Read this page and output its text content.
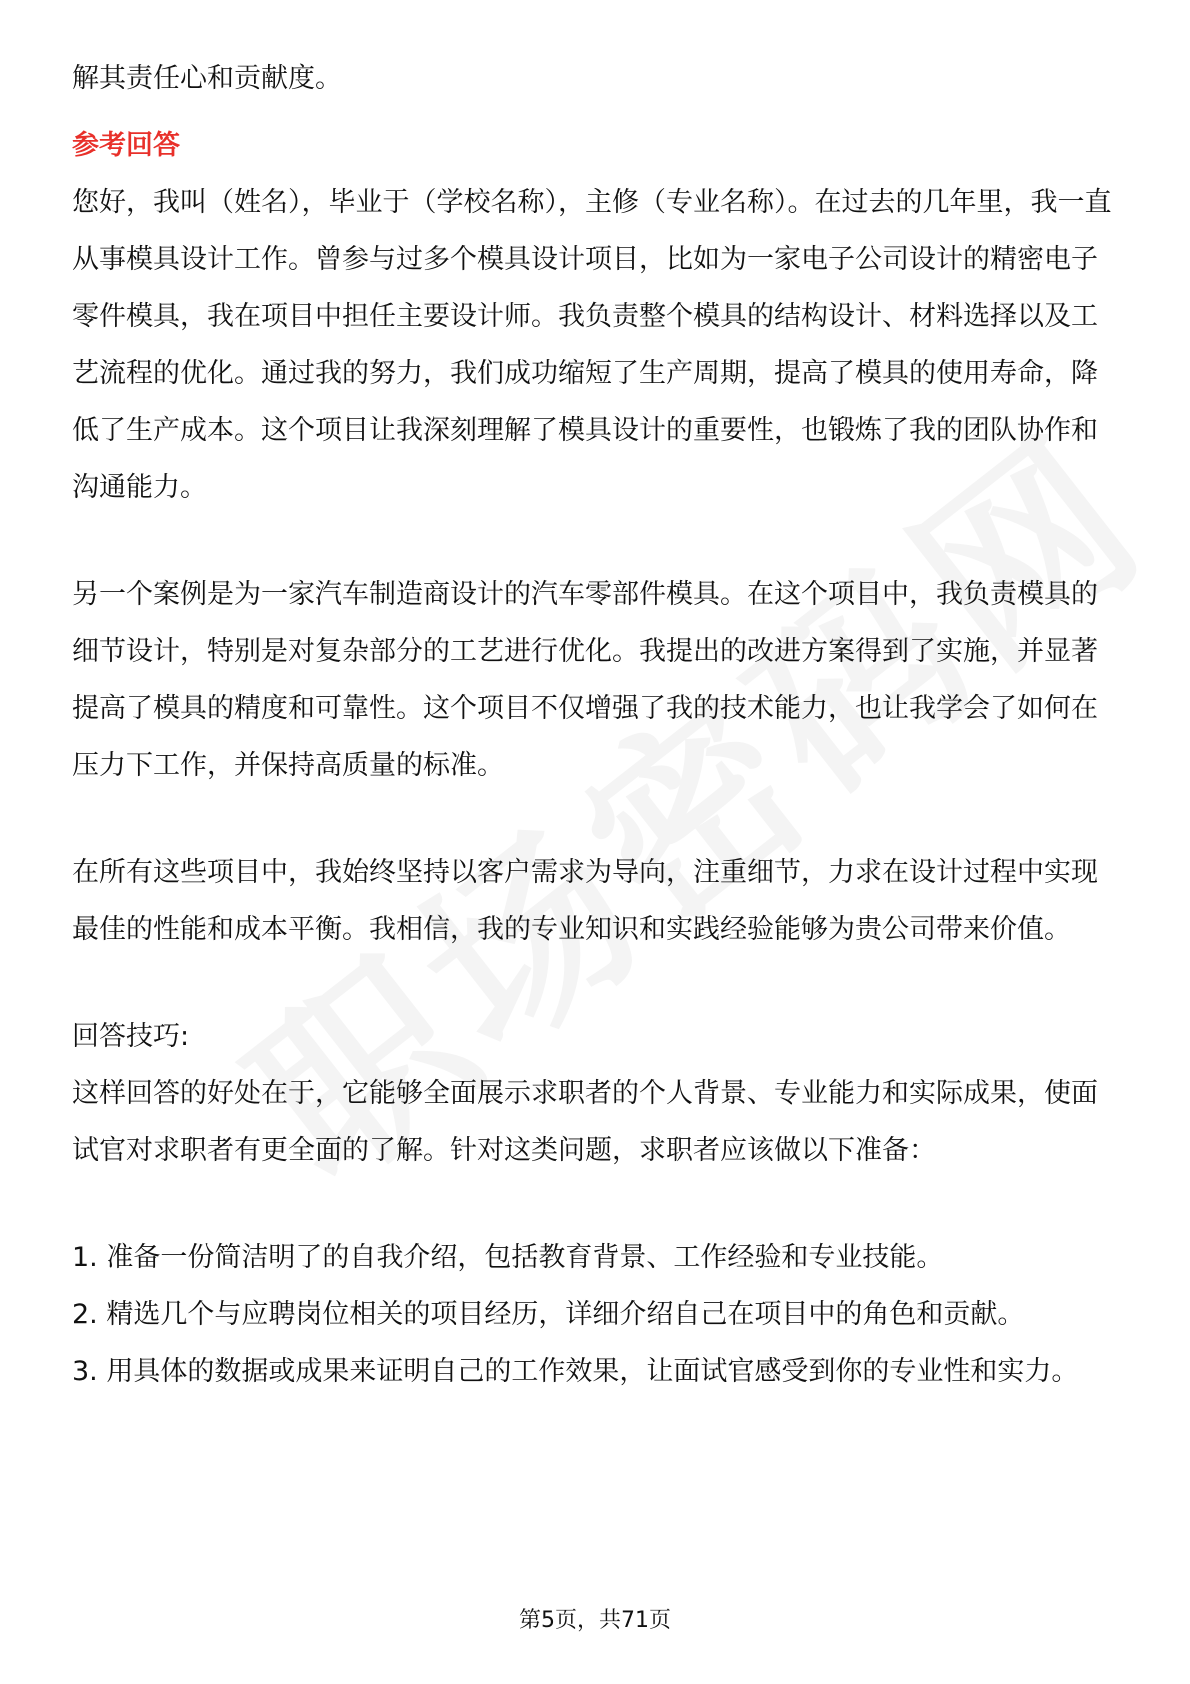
解其责任心和贡献度。

参考回答

您好，我叫（姓名），毕业于（学校名称），主修（专业名称）。在过去的几年里，我一直从事模具设计工作。曾参与过多个模具设计项目，比如为一家电子公司设计的精密电子零件模具，我在项目中担任主要设计师。我负责整个模具的结构设计、材料选择以及工艺流程的优化。通过我的努力，我们成功缩短了生产周期，提高了模具的使用寿命，降低了生产成本。这个项目让我深刻理解了模具设计的重要性，也锻炼了我的团队协作和沟通能力。

另一个案例是为一家汽车制造商设计的汽车零部件模具。在这个项目中，我负责模具的细节设计，特别是对复杂部分的工艺进行优化。我提出的改进方案得到了实施，并显著提高了模具的精度和可靠性。这个项目不仅增强了我的技术能力，也让我学会了如何在压力下工作，并保持高质量的标准。

在所有这些项目中，我始终坚持以客户需求为导向，注重细节，力求在设计过程中实现最佳的性能和成本平衡。我相信，我的专业知识和实践经验能够为贵公司带来价值。

回答技巧:

这样回答的好处在于，它能够全面展示求职者的个人背景、专业能力和实际成果，使面试官对求职者有更全面的了解。针对这类问题，求职者应该做以下准备：

1. 准备一份简洁明了的自我介绍，包括教育背景、工作经验和专业技能。

2. 精选几个与应聘岗位相关的项目经历，详细介绍自己在项目中的角色和贡献。

3. 用具体的数据或成果来证明自己的工作效果，让面试官感受到你的专业性和实力。

第5页，共71页
